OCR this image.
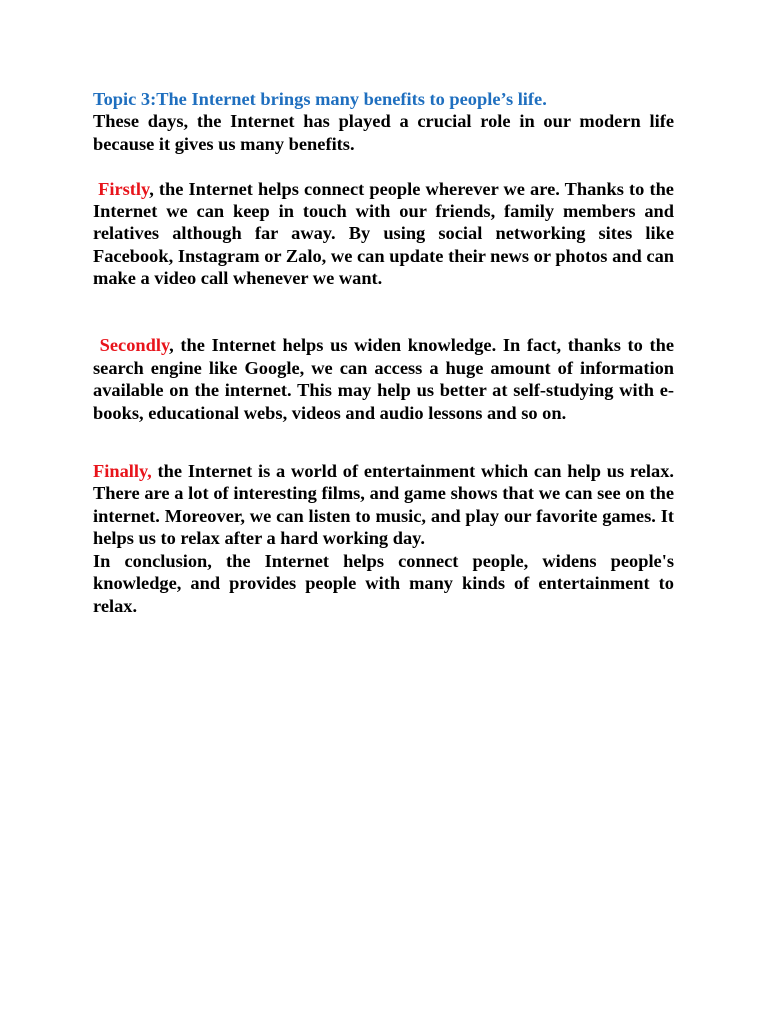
Topic 3:The Internet brings many benefits to people’s life.

These days, the Internet has played a crucial role in our modern life because it gives us many benefits.

Firstly, the Internet helps connect people wherever we are. Thanks to the Internet we can keep in touch with our friends, family members and relatives although far away. By using social networking sites like Facebook, Instagram or Zalo, we can update their news or photos and can make a video call whenever we want.

Secondly, the Internet helps us widen knowledge. In fact, thanks to the search engine like Google, we can access a huge amount of information available on the internet. This may help us better at self-studying with e-books, educational webs, videos and audio lessons and so on.

Finally, the Internet is a world of entertainment which can help us relax. There are a lot of interesting films, and game shows that we can see on the internet. Moreover, we can listen to music, and play our favorite games. It helps us to relax after a hard working day.

In conclusion, the Internet helps connect people, widens people's knowledge, and provides people with many kinds of entertainment to relax.
